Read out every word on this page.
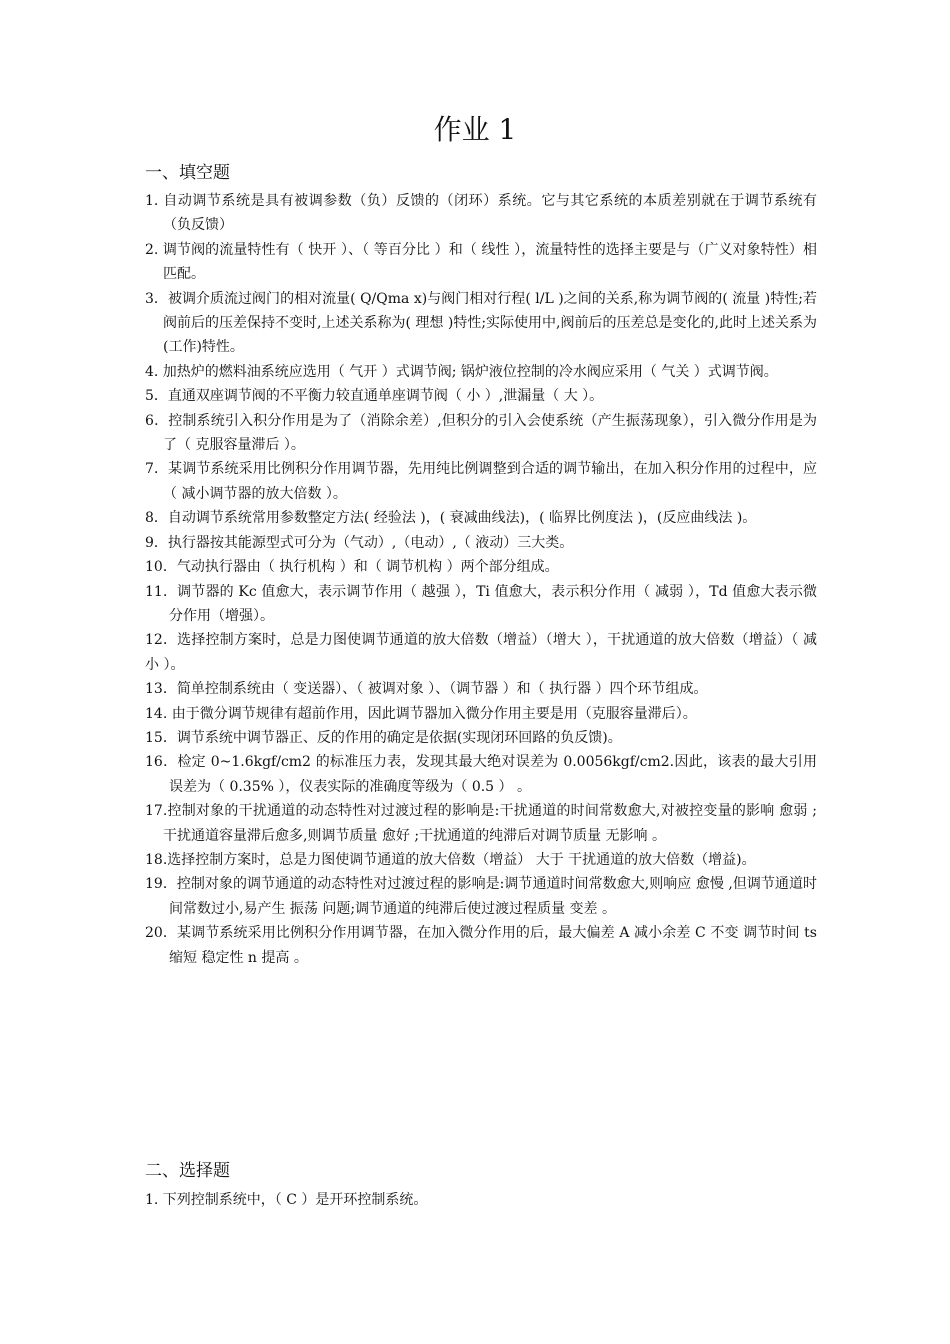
作业 1
一、填空题

1. 自动调节系统是具有被调参数（负）反馈的（闭环）系统。它与其它系统的本质差别就在于调节系统有（负反馈）

2. 调节阀的流量特性有（ 快开 ）、（ 等百分比 ）和（ 线性 ），流量特性的选择主要是与（广义对象特性）相匹配。

3．被调介质流过阀门的相对流量( Q/Qma x)与阀门相对行程( l/L )之间的关系,称为调节阀的( 流量 )特性;若阀前后的压差保持不变时,上述关系称为( 理想 )特性;实际使用中,阀前后的压差总是变化的,此时上述关系为(工作)特性。

4. 加热炉的燃料油系统应选用（ 气开 ）式调节阀; 锅炉液位控制的冷水阀应采用（ 气关 ）式调节阀。

5．直通双座调节阀的不平衡力较直通单座调节阀（ 小 ）,泄漏量（ 大 ）。

6．控制系统引入积分作用是为了（消除余差）,但积分的引入会使系统（产生振荡现象），引入微分作用是为了（ 克服容量滞后 ）。

7．某调节系统采用比例积分作用调节器，先用纯比例调整到合适的调节输出，在加入积分作用的过程中，应（ 减小调节器的放大倍数 ）。

8．自动调节系统常用参数整定方法( 经验法 )，( 衰减曲线法)，( 临界比例度法 )，(反应曲线法 )。

9．执行器按其能源型式可分为（气动）,（电动）,（ 液动）三大类。

10．气动执行器由（ 执行机构 ）和（ 调节机构 ）两个部分组成。

11．调节器的 Kc 值愈大，表示调节作用（ 越强 ），Ti 值愈大，表示积分作用（ 减弱 ），Td 值愈大表示微分作用（增强）。

12．选择控制方案时，总是力图使调节通道的放大倍数（增益）（增大 ），干扰通道的放大倍数（增益）（ 减小 ）。

13．简单控制系统由（ 变送器）、（ 被调对象 ）、（调节器 ）和（ 执行器 ）四个环节组成。

14. 由于微分调节规律有超前作用，因此调节器加入微分作用主要是用（克服容量滞后）。

15．调节系统中调节器正、反的作用的确定是依据(实现闭环回路的负反馈)。

16．检定 0~1.6kgf/cm2 的标准压力表，发现其最大绝对误差为 0.0056kgf/cm2.因此，该表的最大引用误差为（ 0.35% ），仪表实际的准确度等级为（ 0.5 ） 。

17.控制对象的干扰通道的动态特性对过渡过程的影响是:干扰通道的时间常数愈大,对被控变量的影响 愈弱 ;干扰通道容量滞后愈多,则调节质量 愈好 ;干扰通道的纯滞后对调节质量 无影响 。

18.选择控制方案时，总是力图使调节通道的放大倍数（增益） 大于 干扰通道的放大倍数（增益)。

19．控制对象的调节通道的动态特性对过渡过程的影响是:调节通道时间常数愈大,则响应 愈慢 ,但调节通道时间常数过小,易产生 振荡 问题;调节通道的纯滞后使过渡过程质量 变差 。

20．某调节系统采用比例积分作用调节器，在加入微分作用的后，最大偏差 A 减小余差 C 不变 调节时间 ts 缩短 稳定性 n 提高 。

二、选择题
1. 下列控制系统中，（ C ）是开环控制系统。
